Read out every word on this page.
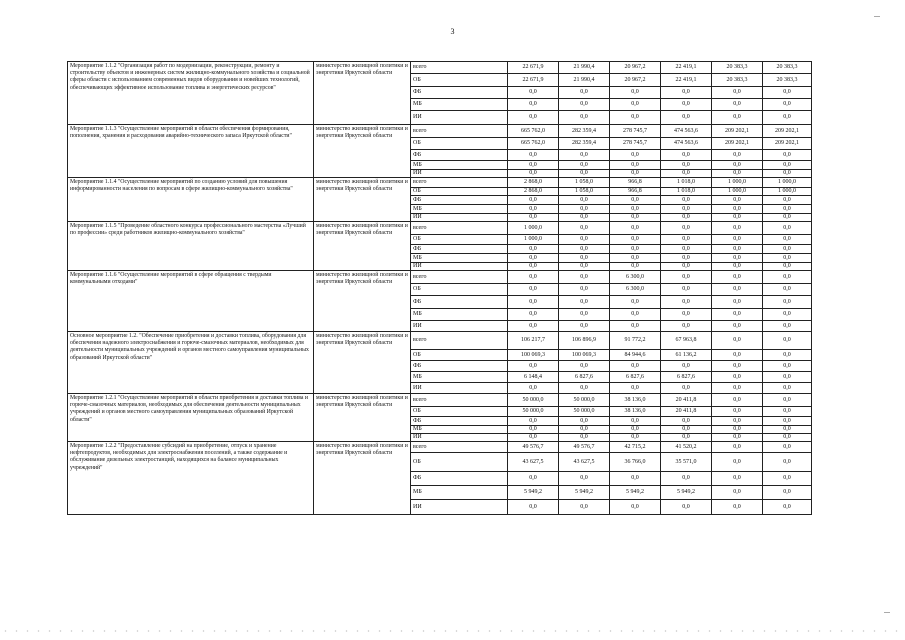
3
Мероприятие 1.1.2 "Организация работ по модернизации, реконструкции, ремонту и строительству объектов и инженерных систем жилищно-коммунального хозяйства и социальной сферы области с использованием современных видов оборудования и новейших технологий, обеспечивающих эффективное использование топлива и энергетических ресурсов"	министерство жилищной политики и энергетики Иркутской области	всего	22 671,9	21 990,4	20 967,2	22 419,1	20 383,3	20 383,3
		ОБ	22 671,9	21 990,4	20 967,2	22 419,1	20 383,3	20 383,3
		ФБ	0,0	0,0	0,0	0,0	0,0	0,0
		МБ	0,0	0,0	0,0	0,0	0,0	0,0
		ИИ	0,0	0,0	0,0	0,0	0,0	0,0
Мероприятие 1.1.3 "Осуществление мероприятий в области обеспечения формирования, пополнения, хранения и расходования аварийно-технического запаса Иркутской области"	министерство жилищной политики и энергетики Иркутской области	всего	665 762,0	282 359,4	278 745,7	474 563,6	209 202,1	209 202,1
		ОБ	665 762,0	282 359,4	278 745,7	474 563,6	209 202,1	209 202,1
		ФБ	0,0	0,0	0,0	0,0	0,0	0,0
		МБ	0,0	0,0	0,0	0,0	0,0	0,0
		ИИ	0,0	0,0	0,0	0,0	0,0	0,0
Мероприятие 1.1.4 "Осуществление мероприятий по созданию условий для повышения информированности населения по вопросам в сфере жилищно-коммунального хозяйства"	министерство жилищной политики и энергетики Иркутской области	всего	2 868,0	1 058,0	966,8	1 018,0	1 000,0	1 000,0
		ОБ	2 868,0	1 058,0	966,8	1 018,0	1 000,0	1 000,0
		ФБ	0,0	0,0	0,0	0,0	0,0	0,0
		МБ	0,0	0,0	0,0	0,0	0,0	0,0
		ИИ	0,0	0,0	0,0	0,0	0,0	0,0
Мероприятие 1.1.5 "Проведение областного конкурса профессионального мастерства «Лучший по профессии» среди работников жилищно-коммунального хозяйства"	министерство жилищной политики и энергетики Иркутской области	всего	1 000,0	0,0	0,0	0,0	0,0	0,0
		ОБ	1 000,0	0,0	0,0	0,0	0,0	0,0
		ФБ	0,0	0,0	0,0	0,0	0,0	0,0
		МБ	0,0	0,0	0,0	0,0	0,0	0,0
		ИИ	0,0	0,0	0,0	0,0	0,0	0,0
Мероприятие 1.1.6 "Осуществление мероприятий в сфере обращения с твердыми коммунальными отходами"	министерство жилищной политики и энергетики Иркутской области	всего	0,0	0,0	6 300,0	0,0	0,0	0,0
		ОБ	0,0	0,0	6 300,0	0,0	0,0	0,0
		ФБ	0,0	0,0	0,0	0,0	0,0	0,0
		МБ	0,0	0,0	0,0	0,0	0,0	0,0
		ИИ	0,0	0,0	0,0	0,0	0,0	0,0
Основное мероприятие 1.2. "Обеспечение приобретения и доставки топлива, оборудования для обеспечения надежного электроснабжения и горюче-смазочных материалов, необходимых для деятельности муниципальных учреждений и органов местного самоуправления муниципальных образований Иркутской области"	министерство жилищной политики и энергетики Иркутской области	всего	106 217,7	106 896,9	91 772,2	67 963,8	0,0	0,0
		ОБ	100 069,3	100 069,3	84 944,6	61 136,2	0,0	0,0
		ФБ	0,0	0,0	0,0	0,0	0,0	0,0
		МБ	6 148,4	6 827,6	6 827,6	6 827,6	0,0	0,0
		ИИ	0,0	0,0	0,0	0,0	0,0	0,0
Мероприятие 1.2.1 "Осуществление мероприятий в области приобретения и доставки топлива и горюче-смазочных материалов, необходимых для обеспечения деятельности муниципальных учреждений и органов местного самоуправления муниципальных образований Иркутской области"	министерство жилищной политики и энергетики Иркутской области	всего	50 000,0	50 000,0	38 136,0	20 411,8	0,0	0,0
		ОБ	50 000,0	50 000,0	38 136,0	20 411,8	0,0	0,0
		ФБ	0,0	0,0	0,0	0,0	0,0	0,0
		МБ	0,0	0,0	0,0	0,0	0,0	0,0
		ИИ	0,0	0,0	0,0	0,0	0,0	0,0
Мероприятие 1.2.2 "Предоставление субсидий на приобретение, отпуск и хранение нефтепродуктов, необходимых для электроснабжения поселений, а также содержание и обслуживание дизельных электростанций, находящихся на балансе муниципальных учреждений"	министерство жилищной политики и энергетики Иркутской области	всего	49 576,7	49 576,7	42 715,2	41 520,2	0,0	0,0
		ОБ	43 627,5	43 627,5	36 766,0	35 571,0	0,0	0,0
		ФБ	0,0	0,0	0,0	0,0	0,0	0,0
		МБ	5 949,2	5 949,2	5 949,2	5 949,2	0,0	0,0
		ИИ	0,0	0,0	0,0	0,0	0,0	0,0
